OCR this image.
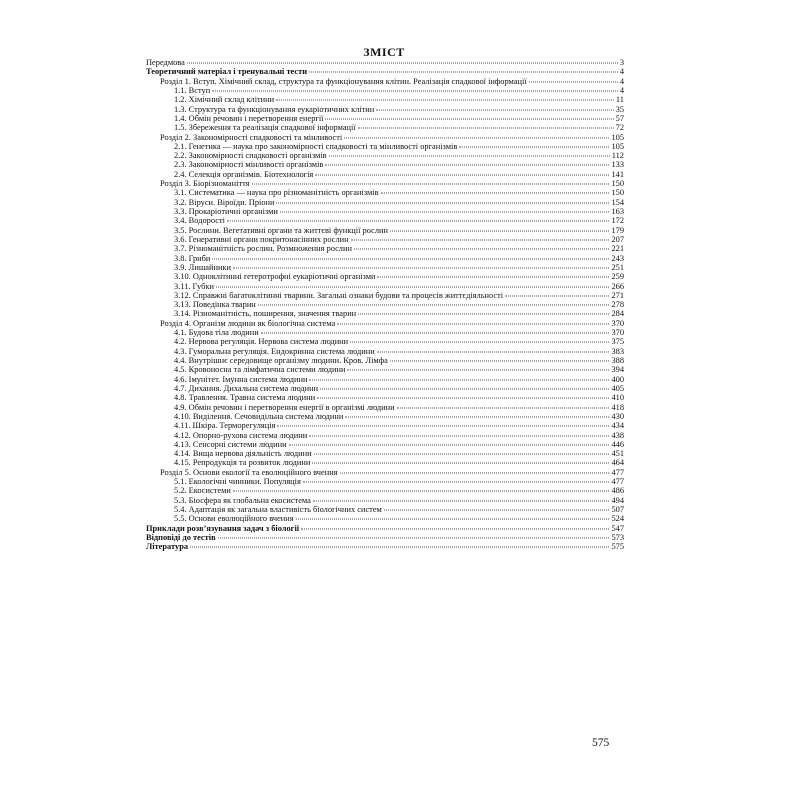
ЗМІСТ
Передмова	3
Теоретичний матеріал і тренувальні тести	4
Розділ 1. Вступ. Хімічний склад, структура та функціонування клітин. Реалізація спадкової інформації	4
1.1. Вступ	4
1.2. Хімічний склад клітини	11
1.3. Структура та функціонування еукаріотичних клітин	35
1.4. Обмін речовин і перетворення енергії	57
1.5. Збереження та реалізація спадкової інформації	72
Розділ 2. Закономірності спадковості та мінливості	105
2.1. Генетика — наука про закономірності спадковості та мінливості організмів	105
2.2. Закономірності спадковості організмів	112
2.3. Закономірності мінливості організмів	133
2.4. Селекція організмів. Біотехнологія	141
Розділ 3. Біорізноманіття	150
3.1. Систематика — наука про різноманітність організмів	150
3.2. Віруси. Віроїди. Пріони	154
3.3. Прокаріотичні організми	163
3.4. Водорості	172
3.5. Рослини. Вегетативні органи та життєві функції рослин	179
3.6. Генеративні органи покритонасінних рослин	207
3.7. Різноманітність рослин. Розмноження рослин	221
3.8. Гриби	243
3.9. Лишайники	251
3.10. Одноклітинні гетеротрофні еукаріотичні організми	259
3.11. Губки	266
3.12. Справжні багатоклітинні тварини. Загальні ознаки будови та процесів життєдіяльності	271
3.13. Поведінка тварин	278
3.14. Різноманітність, поширення, значення тварин	284
Розділ 4. Організм людини як біологічна система	370
4.1. Будова тіла людини	370
4.2. Нервова регуляція. Нервова система людини	375
4.3. Гуморальна регуляція. Ендокринна система людини	383
4.4. Внутрішнє середовище організму людини. Кров. Лімфа	388
4.5. Кровоносна та лімфатична системи людини	394
4.6. Імунітет. Імунна система людини	400
4.7. Дихання. Дихальна система людини	405
4.8. Травлення. Травна система людини	410
4.9. Обмін речовин і перетворення енергії в організмі людини	418
4.10. Виділення. Сечовидільна система людини	430
4.11. Шкіра. Терморегуляція	434
4.12. Опорно-рухова система людини	438
4.13. Сенсорні системи людини	446
4.14. Вища нервова діяльність людини	451
4.15. Репродукція та розвиток людини	464
Розділ 5. Основи екології та еволюційного вчення	477
5.1. Екологічні чинники. Популяція	477
5.2. Екосистеми	486
5.3. Біосфера як глобальна екосистема	494
5.4. Адаптація як загальна властивість біологічних систем	507
5.5. Основи еволюційного вчення	524
Приклади розв’язування задач з біології	547
Відповіді до тестів	573
Література	575
575
